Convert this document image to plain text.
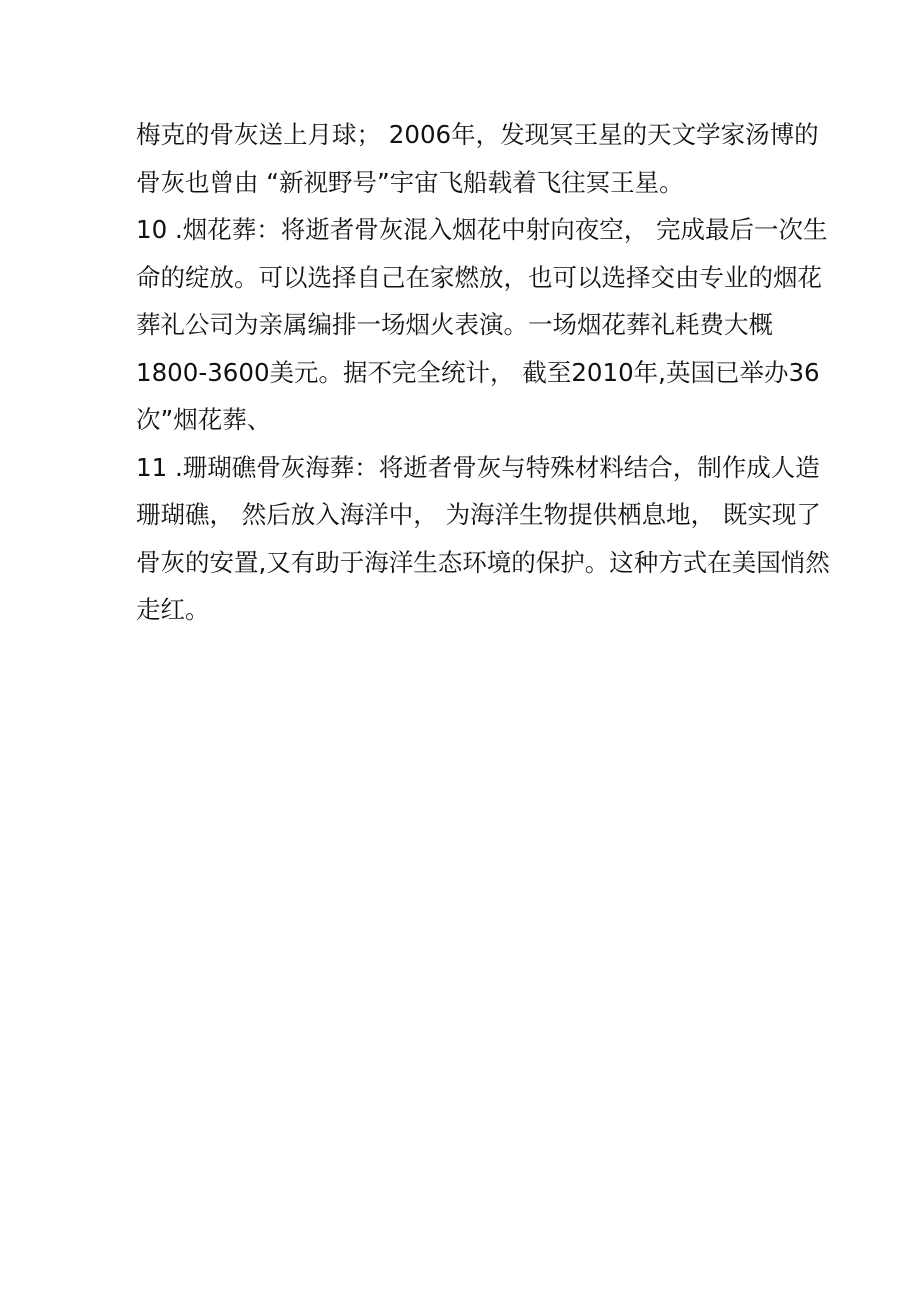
梅克的骨灰送上月球； 2006年，发现冥王星的天文学家汤博的
骨灰也曾由 “新视野号”宇宙飞船载着飞往冥王星。
10 .烟花葬：将逝者骨灰混入烟花中射向夜空， 完成最后一次生
命的绽放。可以选择自己在家燃放，也可以选择交由专业的烟花
葬礼公司为亲属编排一场烟火表演。一场烟花葬礼耗费大概
1800-3600美元。据不完全统计， 截至2010年,英国已举办36
次”烟花葬、
11 .珊瑚礁骨灰海葬：将逝者骨灰与特殊材料结合，制作成人造
珊瑚礁， 然后放入海洋中， 为海洋生物提供栖息地， 既实现了
骨灰的安置,又有助于海洋生态环境的保护。这种方式在美国悄然
走红。
